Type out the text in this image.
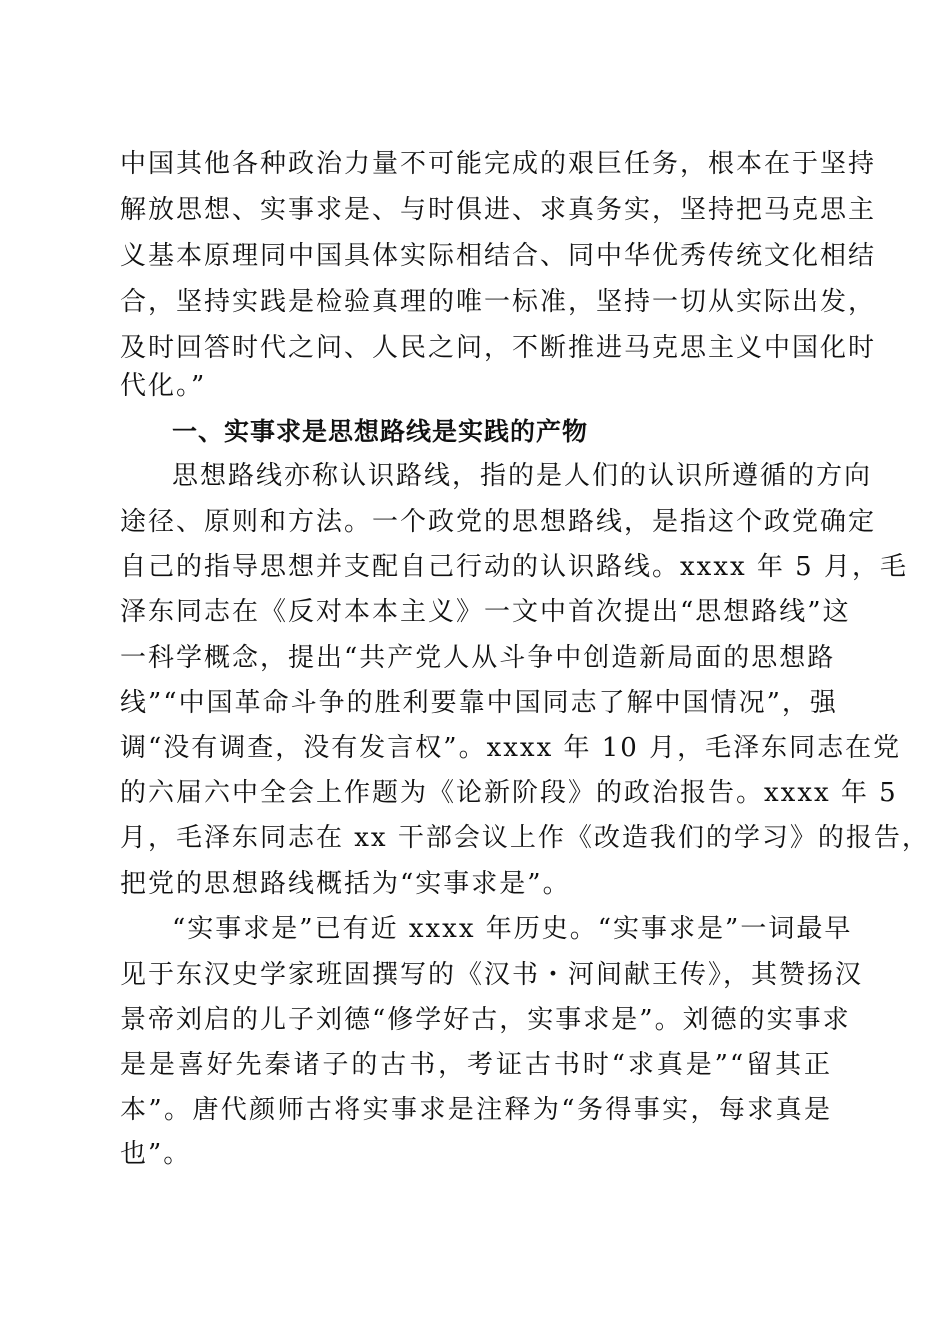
中国其他各种政治力量不可能完成的艰巨任务，根本在于坚持
解放思想、实事求是、与时俱进、求真务实，坚持把马克思主
义基本原理同中国具体实际相结合、同中华优秀传统文化相结
合，坚持实践是检验真理的唯一标准，坚持一切从实际出发，
及时回答时代之问、人民之问，不断推进马克思主义中国化时
代化。”
一、实事求是思想路线是实践的产物
思想路线亦称认识路线，指的是人们的认识所遵循的方向
途径、原则和方法。一个政党的思想路线，是指这个政党确定
自己的指导思想并支配自己行动的认识路线。xxxx 年 5 月，毛
泽东同志在《反对本本主义》一文中首次提出“思想路线”这
一科学概念，提出“共产党人从斗争中创造新局面的思想路
线”“中国革命斗争的胜利要靠中国同志了解中国情况”，强
调“没有调查，没有发言权”。xxxx 年 10 月，毛泽东同志在党
的六届六中全会上作题为《论新阶段》的政治报告。xxxx 年 5
月，毛泽东同志在 xx 干部会议上作《改造我们的学习》的报告，
把党的思想路线概括为“实事求是”。
“实事求是”已有近 xxxx 年历史。“实事求是”一词最早
见于东汉史学家班固撰写的《汉书・河间献王传》，其赞扬汉
景帝刘启的儿子刘德“修学好古，实事求是”。刘德的实事求
是是喜好先秦诸子的古书，考证古书时“求真是”“留其正
本”。唐代颜师古将实事求是注释为“务得事实，每求真是
也”。
